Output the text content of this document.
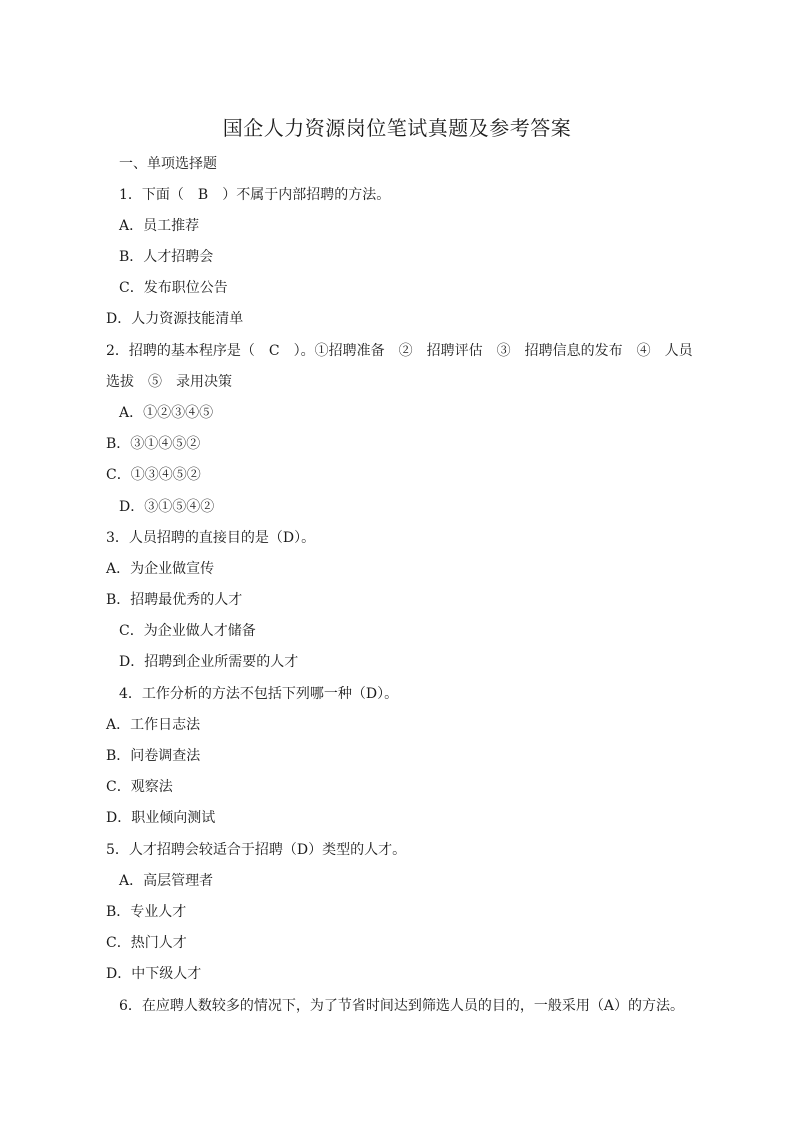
国企人力资源岗位笔试真题及参考答案
一、单项选择题
1．下面（　B　）不属于内部招聘的方法。
A．员工推荐
B．人才招聘会
C．发布职位公告
D．人力资源技能清单
2．招聘的基本程序是（　C　）。①招聘准备　②　招聘评估　③　招聘信息的发布　④　人员
选拔　⑤　录用决策
A．①②③④⑤
B．③①④⑤②
C．①③④⑤②
D．③①⑤④②
3．人员招聘的直接目的是（D）。
A．为企业做宣传
B．招聘最优秀的人才
C．为企业做人才储备
D．招聘到企业所需要的人才
4．工作分析的方法不包括下列哪一种（D）。
A．工作日志法
B．问卷调查法
C．观察法
D．职业倾向测试
5．人才招聘会较适合于招聘（D）类型的人才。
A．高层管理者
B．专业人才
C．热门人才
D．中下级人才
6．在应聘人数较多的情况下，为了节省时间达到筛选人员的目的，一般采用（A）的方法。
